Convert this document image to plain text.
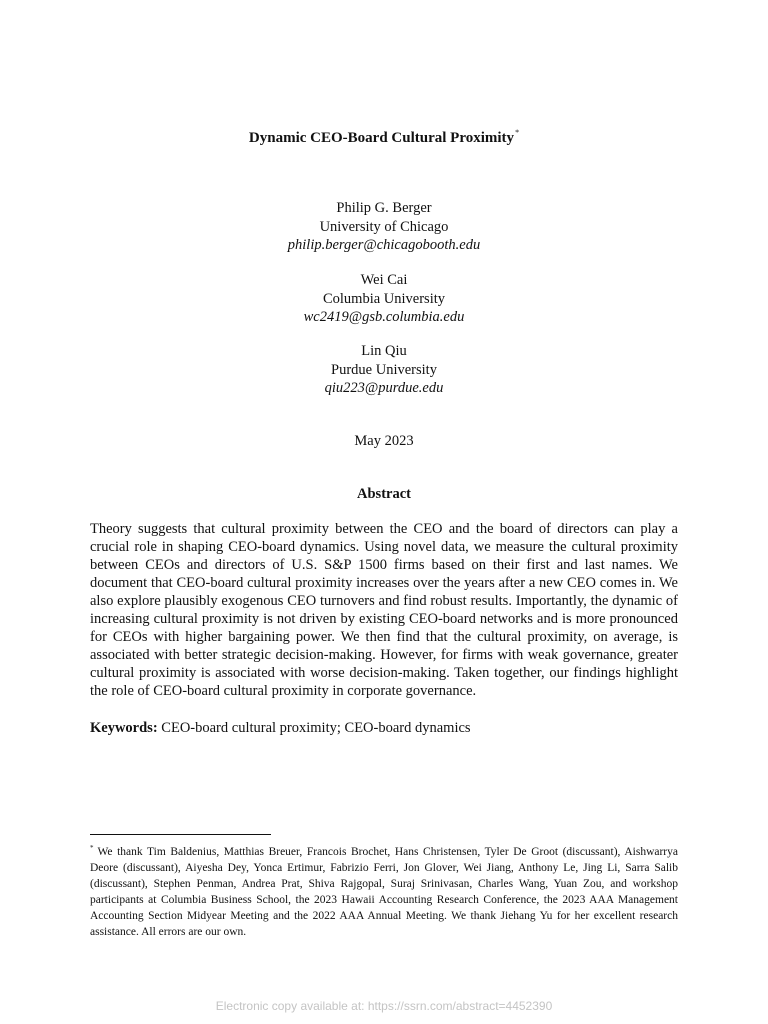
Dynamic CEO-Board Cultural Proximity*
Philip G. Berger
University of Chicago
philip.berger@chicagobooth.edu
Wei Cai
Columbia University
wc2419@gsb.columbia.edu
Lin Qiu
Purdue University
qiu223@purdue.edu
May 2023
Abstract

Theory suggests that cultural proximity between the CEO and the board of directors can play a crucial role in shaping CEO-board dynamics. Using novel data, we measure the cultural proximity between CEOs and directors of U.S. S&P 1500 firms based on their first and last names. We document that CEO-board cultural proximity increases over the years after a new CEO comes in. We also explore plausibly exogenous CEO turnovers and find robust results. Importantly, the dynamic of increasing cultural proximity is not driven by existing CEO-board networks and is more pronounced for CEOs with higher bargaining power. We then find that the cultural proximity, on average, is associated with better strategic decision-making. However, for firms with weak governance, greater cultural proximity is associated with worse decision-making. Taken together, our findings highlight the role of CEO-board cultural proximity in corporate governance.

Keywords: CEO-board cultural proximity; CEO-board dynamics

* We thank Tim Baldenius, Matthias Breuer, Francois Brochet, Hans Christensen, Tyler De Groot (discussant), Aishwarrya Deore (discussant), Aiyesha Dey, Yonca Ertimur, Fabrizio Ferri, Jon Glover, Wei Jiang, Anthony Le, Jing Li, Sarra Salib (discussant), Stephen Penman, Andrea Prat, Shiva Rajgopal, Suraj Srinivasan, Charles Wang, Yuan Zou, and workshop participants at Columbia Business School, the 2023 Hawaii Accounting Research Conference, the 2023 AAA Management Accounting Section Midyear Meeting and the 2022 AAA Annual Meeting. We thank Jiehang Yu for her excellent research assistance. All errors are our own.

Electronic copy available at: https://ssrn.com/abstract=4452390
